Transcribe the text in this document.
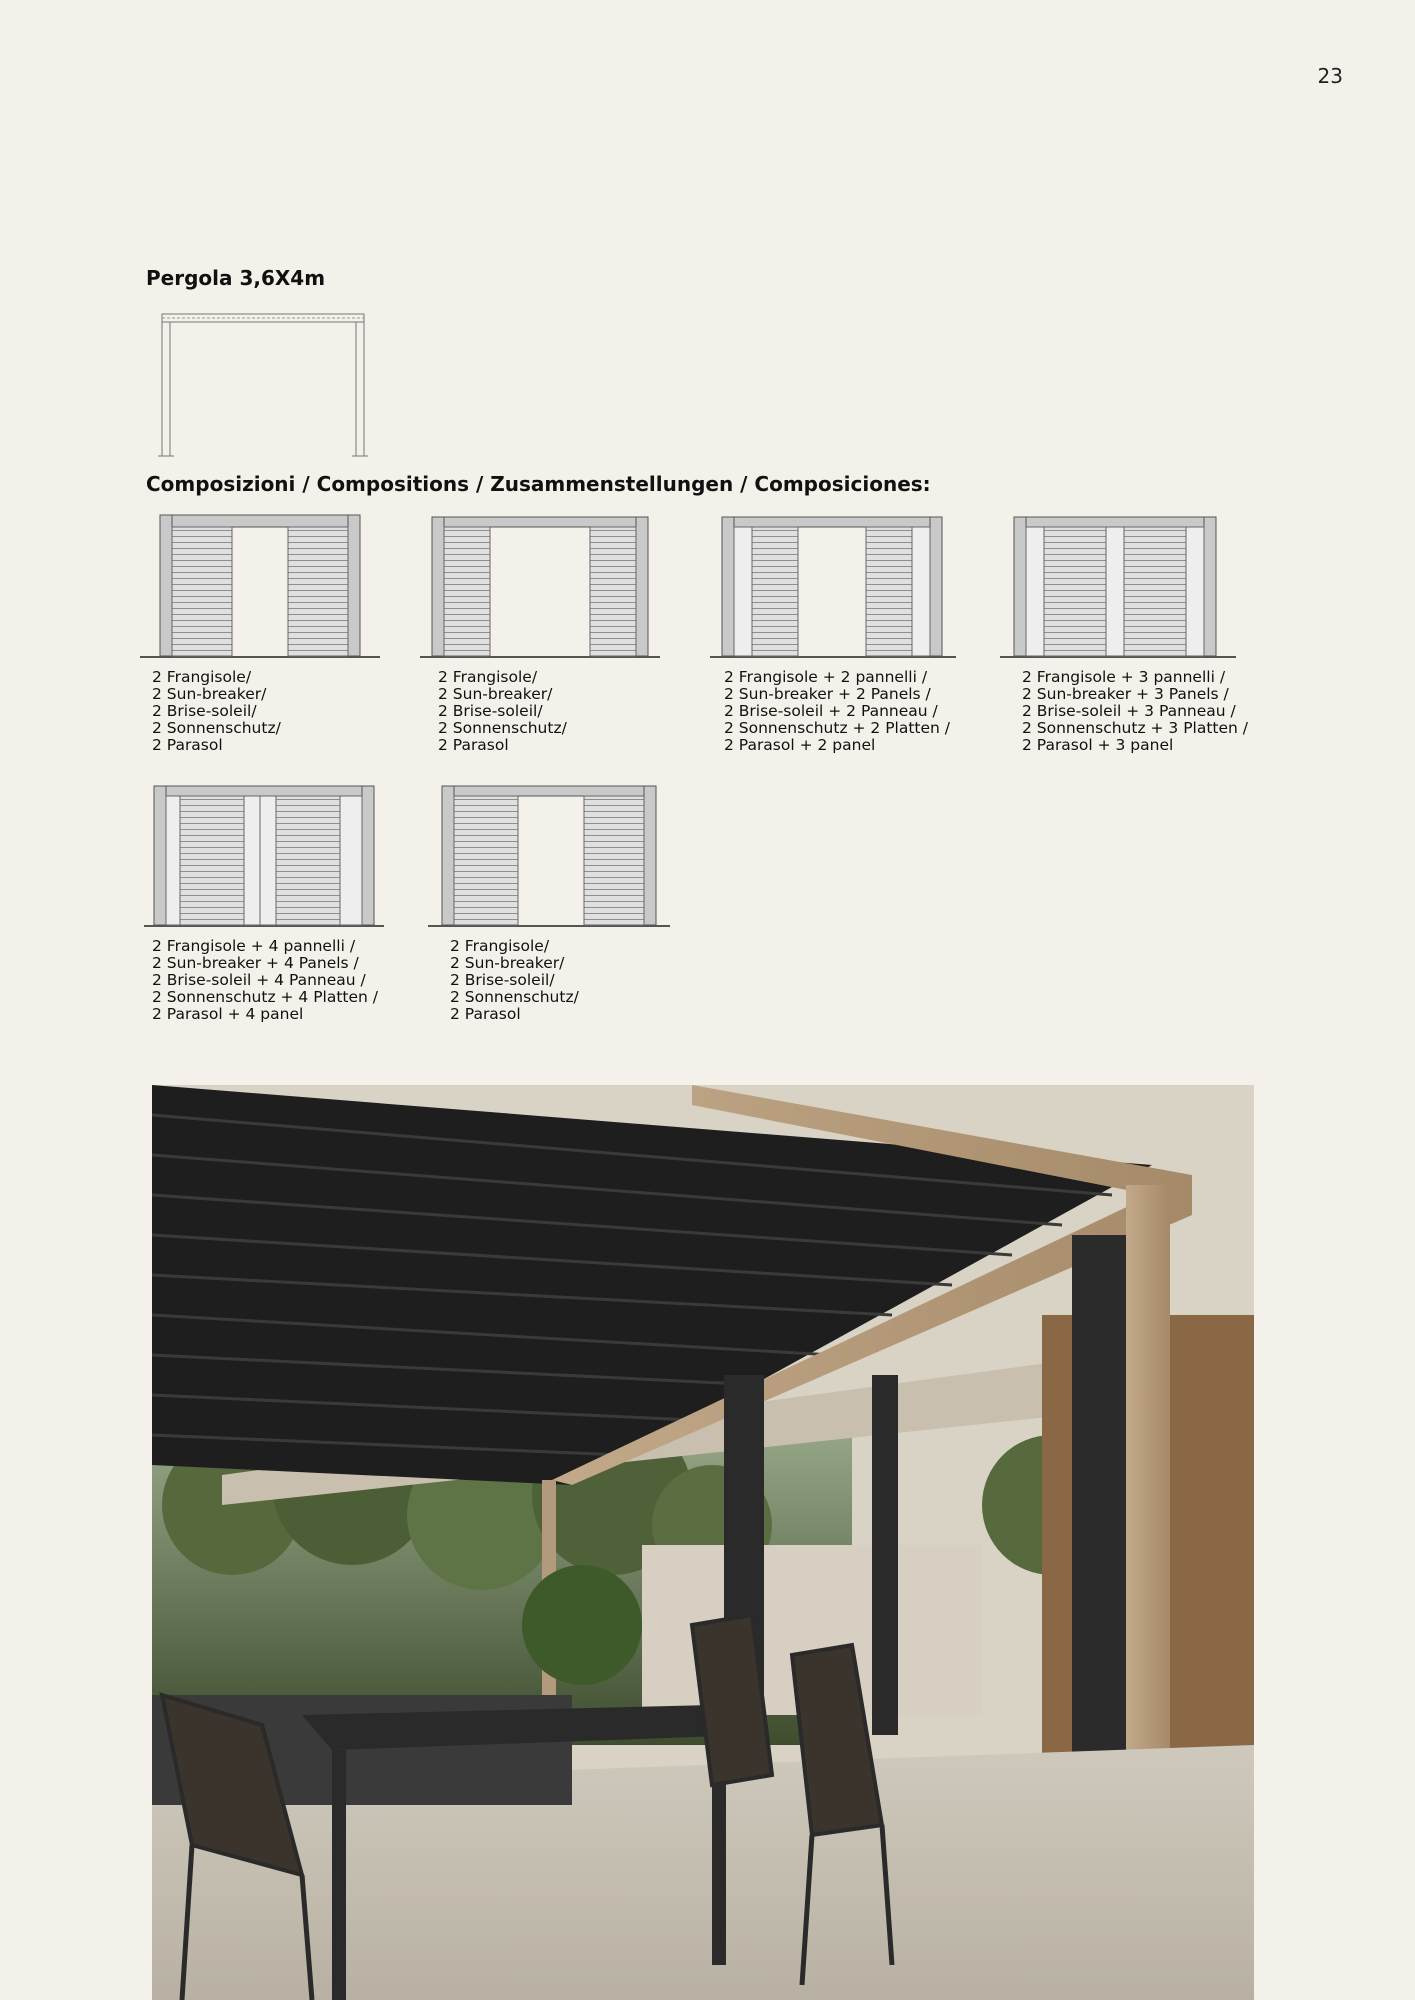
23
Pergola 3,6X4m
Composizioni / Compositions / Zusammenstellungen / Composiciones:
2 Frangisole/
2 Sun-breaker/
2 Brise-soleil/
2 Sonnenschutz/
2 Parasol
2 Frangisole/
2 Sun-breaker/
2 Brise-soleil/
2 Sonnenschutz/
2 Parasol
2 Frangisole + 2 pannelli /
2 Sun-breaker + 2 Panels /
2 Brise-soleil + 2 Panneau /
2 Sonnenschutz + 2 Platten /
2 Parasol + 2 panel
2 Frangisole + 3 pannelli /
2 Sun-breaker + 3 Panels /
2 Brise-soleil + 3 Panneau /
2 Sonnenschutz + 3 Platten /
2 Parasol + 3 panel
2 Frangisole + 4 pannelli /
2 Sun-breaker + 4 Panels /
2 Brise-soleil + 4 Panneau /
2 Sonnenschutz + 4 Platten /
2 Parasol + 4 panel
2 Frangisole/
2 Sun-breaker/
2 Brise-soleil/
2 Sonnenschutz/
2 Parasol
